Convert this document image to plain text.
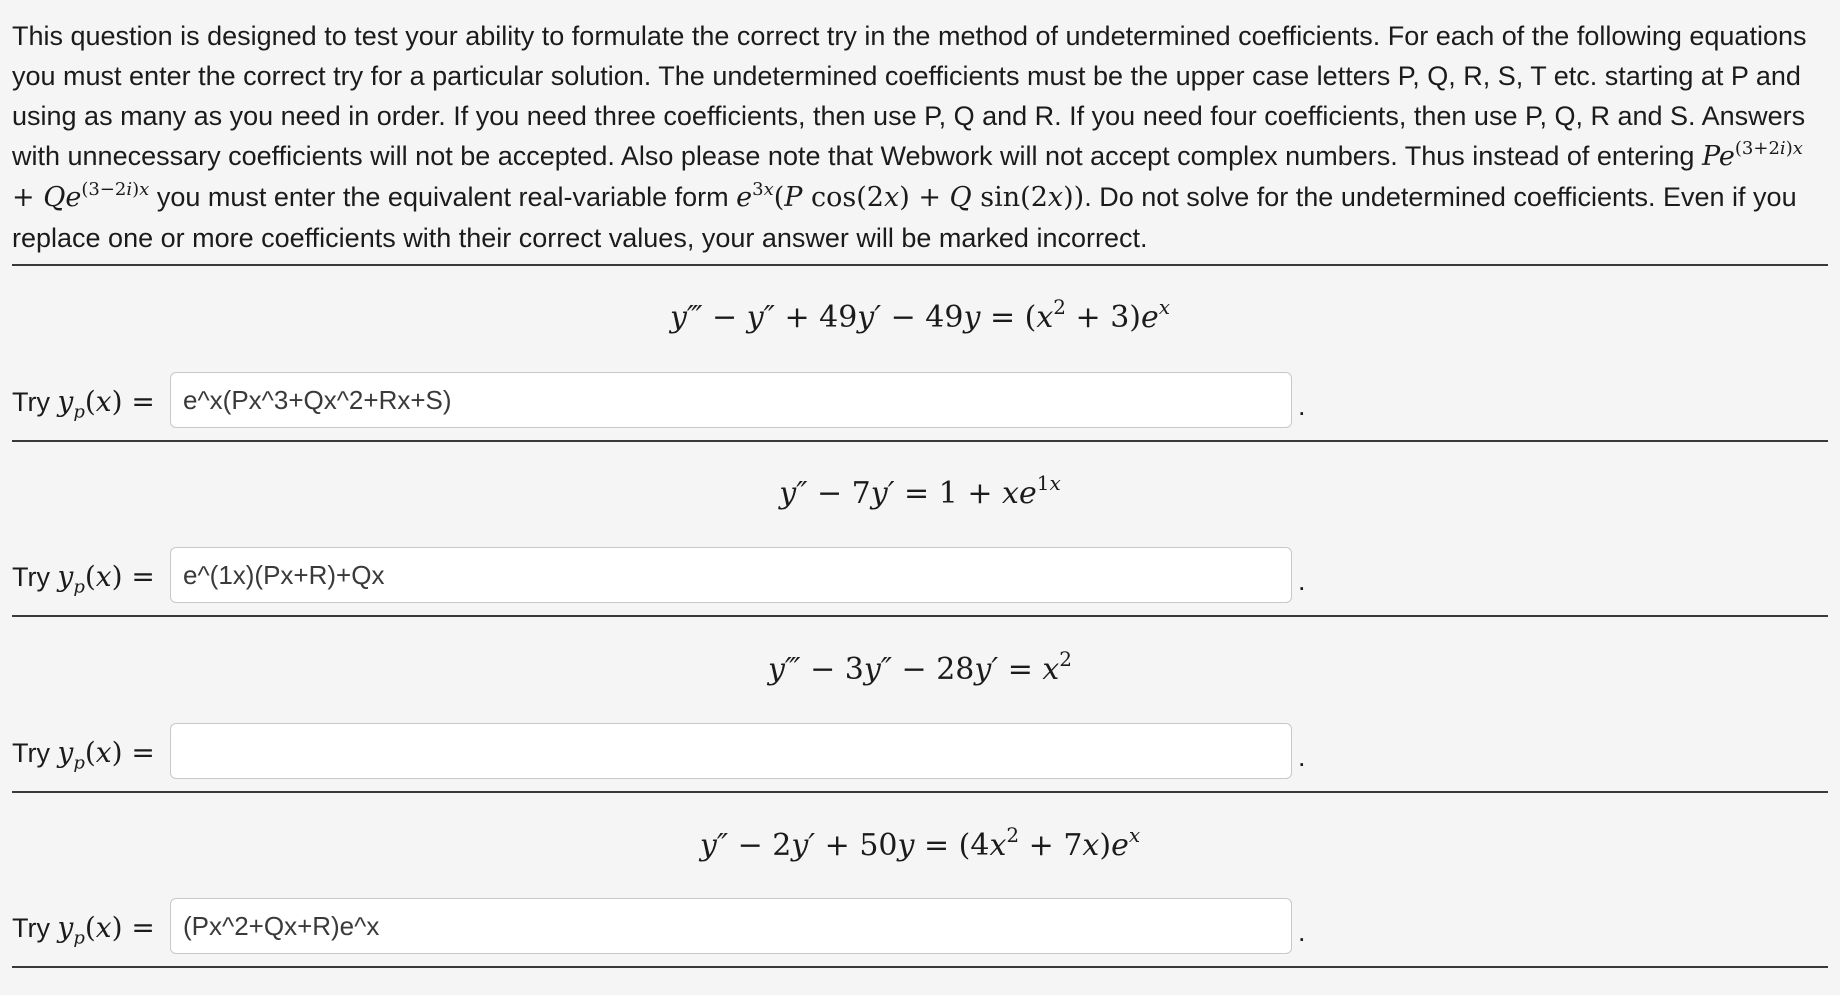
This question is designed to test your ability to formulate the correct try in the method of undetermined coefficients. For each of the following equations you must enter the correct try for a particular solution. The undetermined coefficients must be the upper case letters P, Q, R, S, T etc. starting at P and using as many as you need in order. If you need three coefficients, then use P, Q and R. If you need four coefficients, then use P, Q, R and S. Answers with unnecessary coefficients will not be accepted. Also please note that Webwork will not accept complex numbers. Thus instead of entering $Pe^{(3+2i)x} + Qe^{(3-2i)x}$ you must enter the equivalent real-variable form $e^{3x}(P$ cos(2x) + Q sin(2x)). Do not solve for the undetermined coefficients. Even if you replace one or more coefficients with their correct values, your answer will be marked incorrect.

y‴ − $y'' + 49y' - 49y = (x^2 + 3)e^x$
Try $y_p(x)$ =
e^x(Px^3+Qx^2+Rx+S)	.
$y'' - 7y' = 1 + xe^{1x}$
Try $y_p(x)$ =
e^(1x)(Px+R)+Qx	.
y‴ − $3y'' - 28y' = x^2$
Try $y_p(x)$ =	.
$y'' - 2y' + 50y = (4x^2 + 7x)e^x$
Try $y_p(x)$ =
(Px^2+Qx+R)e^x	.
